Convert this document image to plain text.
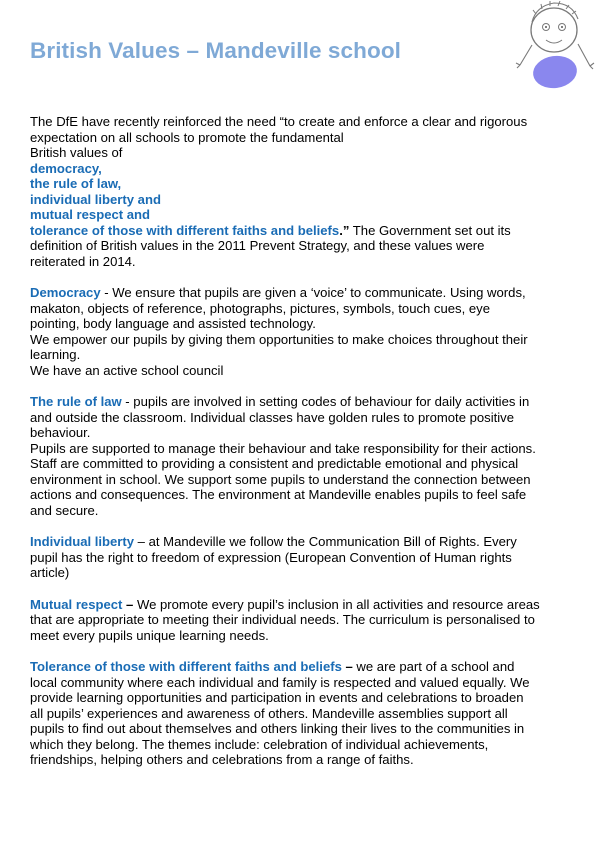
British Values – Mandeville school

The DfE have recently reinforced the need “to create and enforce a clear and rigorous expectation on all schools to promote the fundamental
British values of
democracy,
the rule of law,
individual liberty and
mutual respect and
tolerance of those with different faiths and beliefs.” The Government set out its definition of British values in the 2011 Prevent Strategy, and these values were reiterated in 2014.

Democracy - We ensure that pupils are given a ‘voice’ to communicate. Using words, makaton, objects of reference, photographs, pictures, symbols, touch cues, eye pointing, body language and assisted technology.

We empower our pupils by giving them opportunities to make choices throughout their learning.

We have an active school council

The rule of law - pupils are involved in setting codes of behaviour for daily activities in and outside the classroom. Individual classes have golden rules to promote positive behaviour.

Pupils are supported to manage their behaviour and take responsibility for their actions. Staff are committed to providing a consistent and predictable emotional and physical environment in school. We support some pupils to understand the connection between actions and consequences. The environment at Mandeville enables pupils to feel safe and secure.

Individual liberty – at Mandeville we follow the Communication Bill of Rights. Every pupil has the right to freedom of expression (European Convention of Human rights article)

Mutual respect – We promote every pupil’s inclusion in all activities and resource areas that are appropriate to meeting their individual needs. The curriculum is personalised to meet every pupils unique learning needs.

Tolerance of those with different faiths and beliefs – we are part of a school and local community where each individual and family is respected and valued equally. We provide learning opportunities and participation in events and celebrations to broaden all pupils’ experiences and awareness of others. Mandeville assemblies support all pupils to find out about themselves and others linking their lives to the communities in which they belong. The themes include: celebration of individual achievements, friendships, helping others and celebrations from a range of faiths.
